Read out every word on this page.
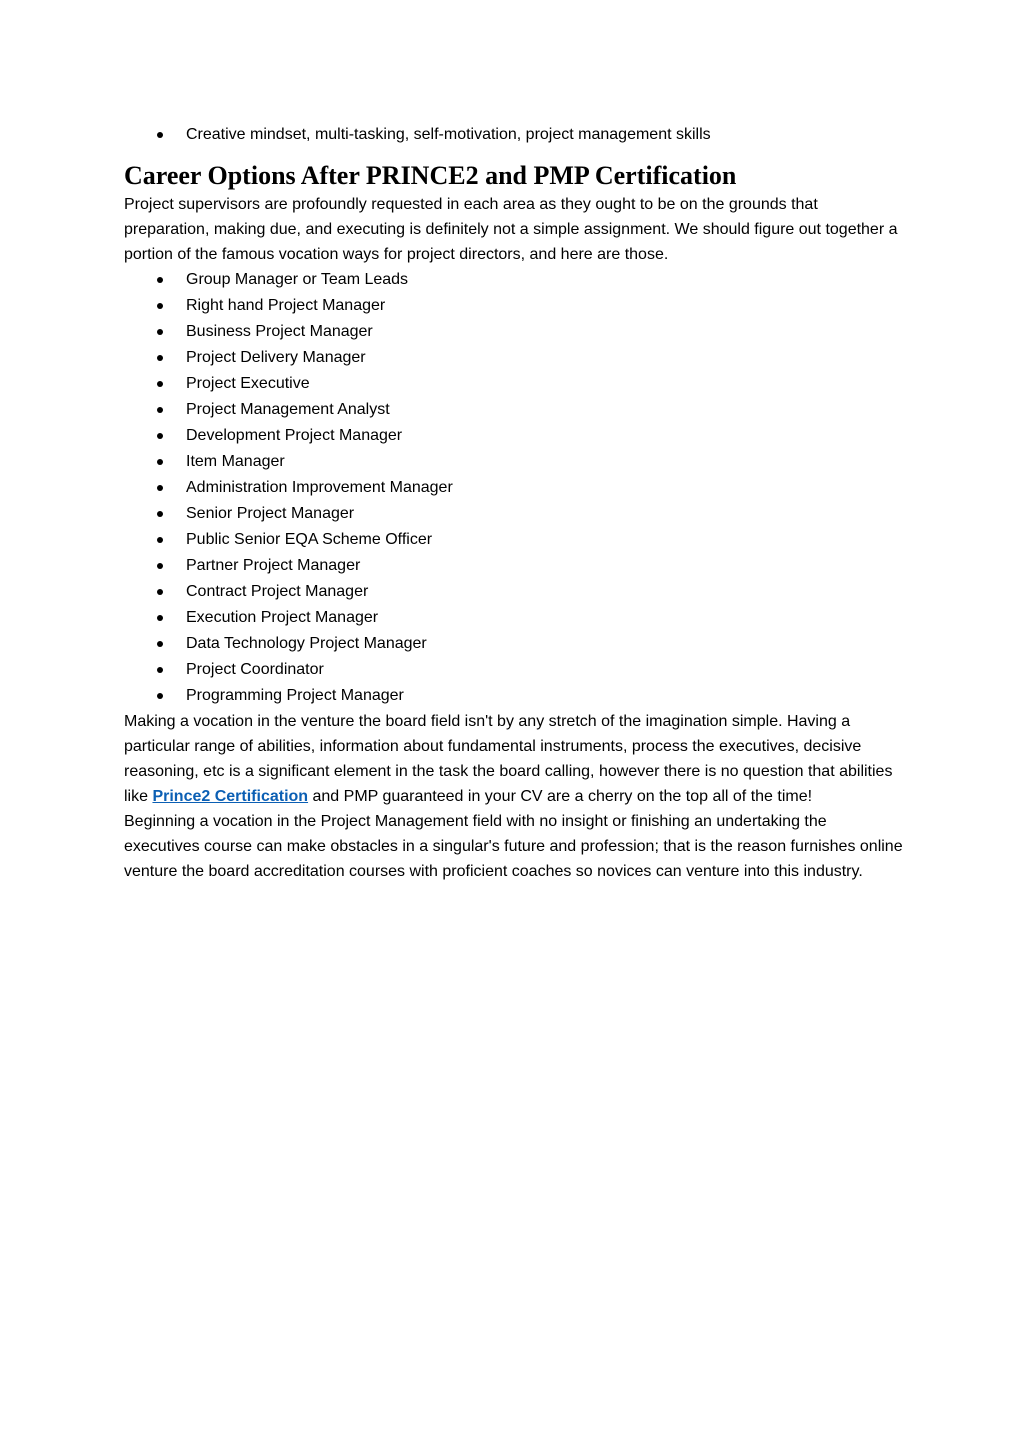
Creative mindset, multi-tasking, self-motivation, project management skills
Career Options After PRINCE2 and PMP Certification

Project supervisors are profoundly requested in each area as they ought to be on the grounds that preparation, making due, and executing is definitely not a simple assignment. We should figure out together a portion of the famous vocation ways for project directors, and here are those.

Group Manager or Team Leads
Right hand Project Manager
Business Project Manager
Project Delivery Manager
Project Executive
Project Management Analyst
Development Project Manager
Item Manager
Administration Improvement Manager
Senior Project Manager
Public Senior EQA Scheme Officer
Partner Project Manager
Contract Project Manager
Execution Project Manager
Data Technology Project Manager
Project Coordinator
Programming Project Manager

Making a vocation in the venture the board field isn't by any stretch of the imagination simple. Having a particular range of abilities, information about fundamental instruments, process the executives, decisive reasoning, etc is a significant element in the task the board calling, however there is no question that abilities like Prince2 Certification and PMP guaranteed in your CV are a cherry on the top all of the time!

Beginning a vocation in the Project Management field with no insight or finishing an undertaking the executives course can make obstacles in a singular's future and profession; that is the reason furnishes online venture the board accreditation courses with proficient coaches so novices can venture into this industry.
